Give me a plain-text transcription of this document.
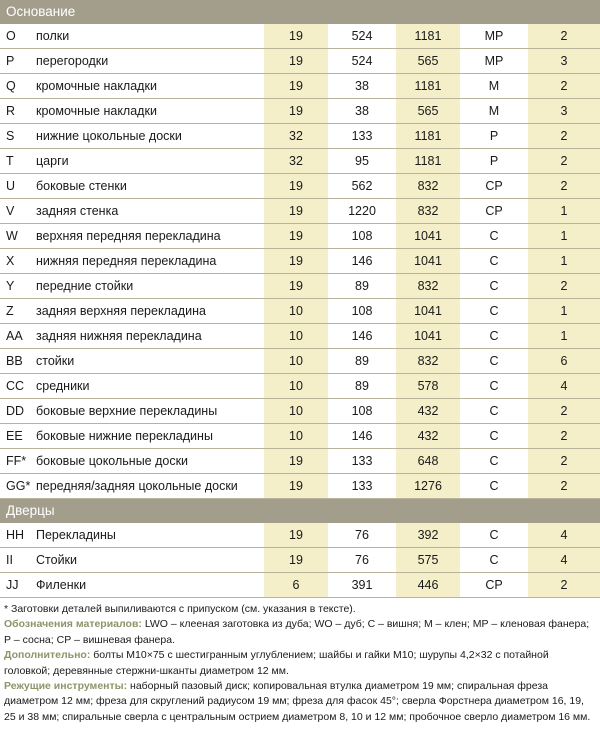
Основание
O	полки	19	524	1181	МР	2
P	перегородки	19	524	565	МР	3
Q	кромочные накладки	19	38	1181	М	2
R	кромочные накладки	19	38	565	М	3
S	нижние цокольные доски	32	133	1181	Р	2
T	царги	32	95	1181	Р	2
U	боковые стенки	19	562	832	СР	2
V	задняя стенка	19	1220	832	СР	1
W	верхняя передняя перекладина	19	108	1041	С	1
X	нижняя передняя перекладина	19	146	1041	С	1
Y	передние стойки	19	89	832	С	2
Z	задняя верхняя перекладина	10	108	1041	С	1
AA	задняя нижняя перекладина	10	146	1041	С	1
BB	стойки	10	89	832	С	6
CC	средники	10	89	578	С	4
DD	боковые верхние перекладины	10	108	432	С	2
EE	боковые нижние перекладины	10	146	432	С	2
FF*	боковые цокольные доски	19	133	648	С	2
GG*	передняя/задняя цокольные доски	19	133	1276	С	2
Дверцы
HH	Перекладины	19	76	392	С	4
II	Стойки	19	76	575	С	4
JJ	Филенки	6	391	446	СР	2

* Заготовки деталей выпиливаются с припуском (см. указания в тексте).

Обозначения материалов: LWO – клееная заготовка из дуба; WO – дуб; С – вишня; М – клен; МР – кленовая фанера; Р – сосна; СР – вишневая фанера.

Дополнительно: болты М10×75 с шестигранным углублением; шайбы и гайки М10; шурупы 4,2×32 с потайной головкой; деревянные стержни-шканты диаметром 12 мм.

Режущие инструменты: наборный пазовый диск; копировальная втулка диаметром 19 мм; спиральная фреза диаметром 12 мм; фреза для скруглений радиусом 19 мм; фреза для фасок 45°; сверла Форстнера диаметром 16, 19, 25 и 38 мм; спиральные сверла с центральным острием диаметром 8, 10 и 12 мм; пробочное сверло диаметром 16 мм.
